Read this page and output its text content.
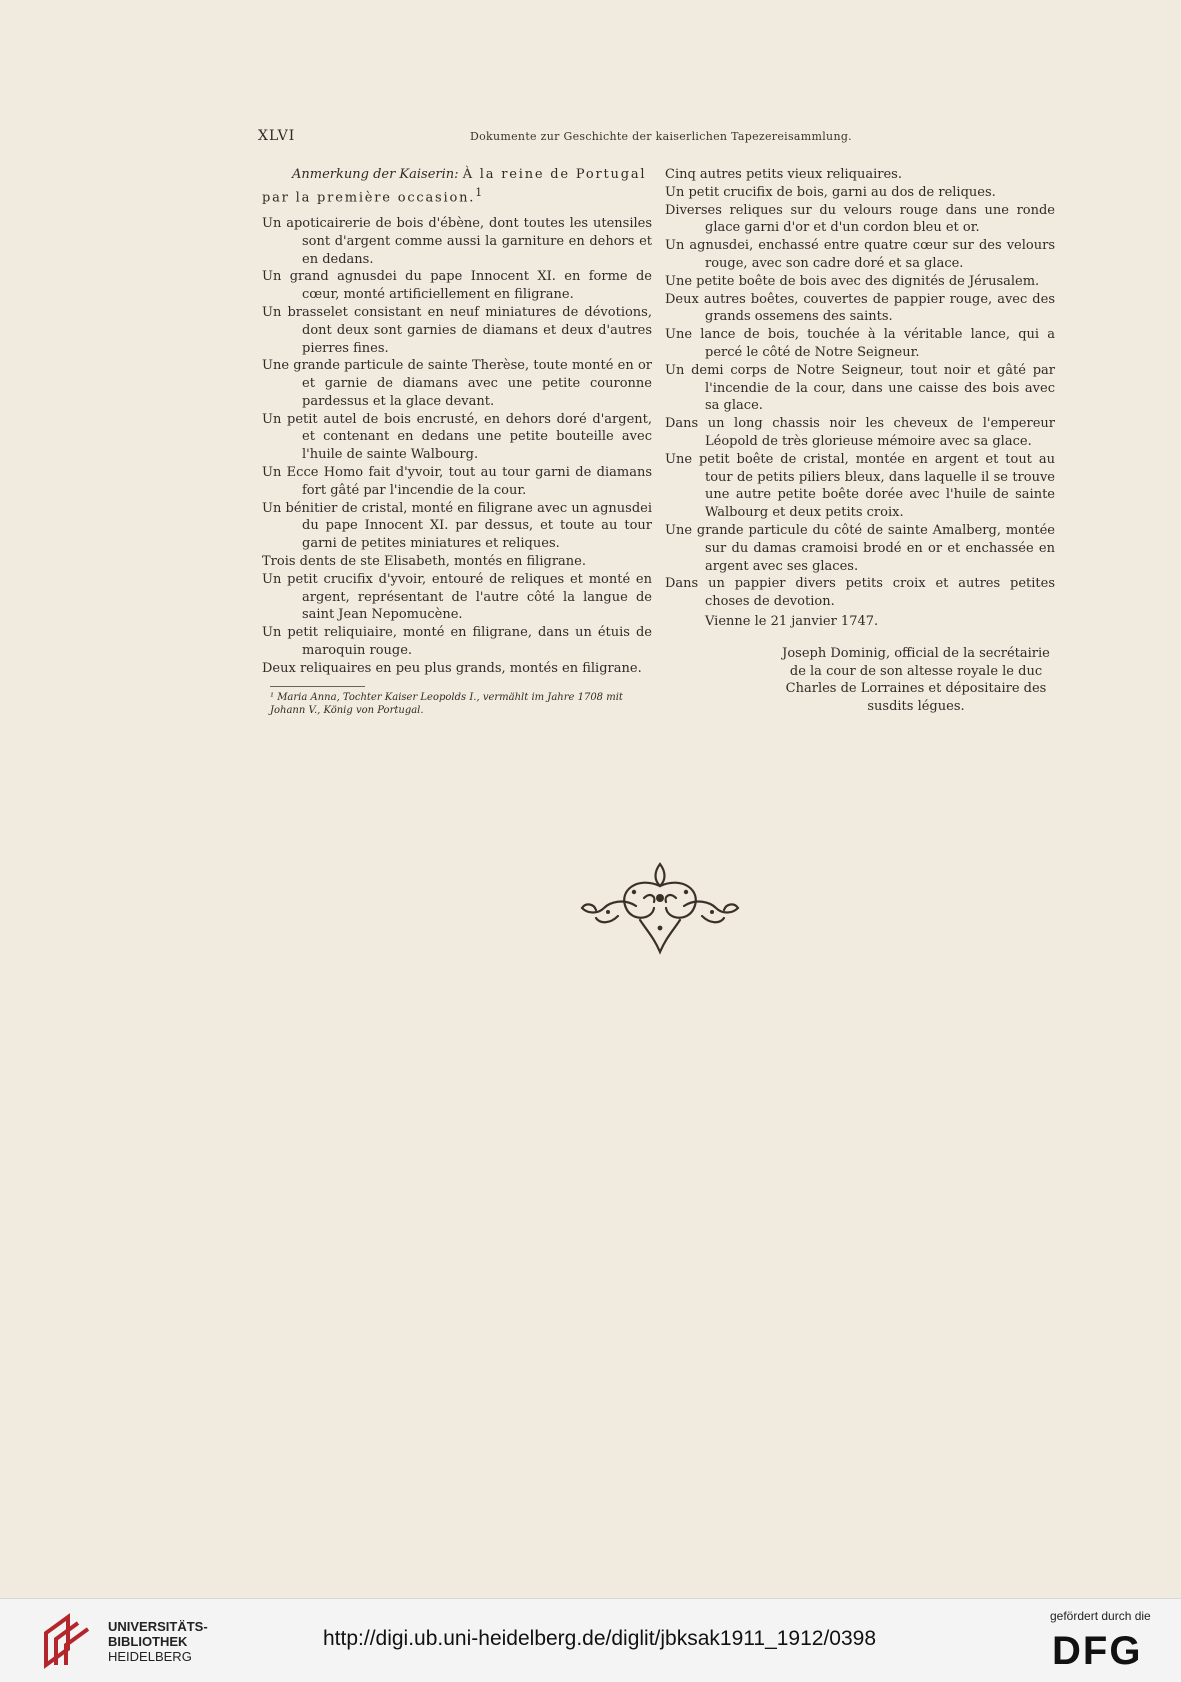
XLVI	Dokumente zur Geschichte der kaiserlichen Tapezereisammlung.

Anmerkung der Kaiserin: À la reine de Portugal par la première occasion.$^1$

Un apoticairerie de bois d'ébène, dont toutes les utensiles sont d'argent comme aussi la garniture en dehors et en dedans.

Un grand agnusdei du pape Innocent XI. en forme de cœur, monté artificiellement en filigrane.

Un brasselet consistant en neuf miniatures de dévotions, dont deux sont garnies de diamans et deux d'autres pierres fines.

Une grande particule de sainte Therèse, toute monté en or et garnie de diamans avec une petite couronne pardessus et la glace devant.

Un petit autel de bois encrusté, en dehors doré d'argent, et contenant en dedans une petite bouteille avec l'huile de sainte Walbourg.

Un Ecce Homo fait d'yvoir, tout au tour garni de diamans fort gâté par l'incendie de la cour.

Un bénitier de cristal, monté en filigrane avec un agnusdei du pape Innocent XI. par dessus, et toute au tour garni de petites miniatures et reliques.

Trois dents de ste Elisabeth, montés en filigrane.

Un petit crucifix d'yvoir, entouré de reliques et monté en argent, représentant de l'autre côté la langue de saint Jean Nepomucène.

Un petit reliquiaire, monté en filigrane, dans un étuis de maroquin rouge.

Deux reliquaires en peu plus grands, montés en filigrane.

¹ Maria Anna, Tochter Kaiser Leopolds I., vermählt im Jahre 1708 mit Johann V., König von Portugal.

Cinq autres petits vieux reliquaires.

Un petit crucifix de bois, garni au dos de reliques.

Diverses reliques sur du velours rouge dans une ronde glace garni d'or et d'un cordon bleu et or.

Un agnusdei, enchassé entre quatre cœur sur des velours rouge, avec son cadre doré et sa glace.

Une petite boête de bois avec des dignités de Jérusalem.

Deux autres boêtes, couvertes de pappier rouge, avec des grands ossemens des saints.

Une lance de bois, touchée à la véritable lance, qui a percé le côté de Notre Seigneur.

Un demi corps de Notre Seigneur, tout noir et gâté par l'incendie de la cour, dans une caisse des bois avec sa glace.

Dans un long chassis noir les cheveux de l'empereur Léopold de très glorieuse mémoire avec sa glace.

Une petit boête de cristal, montée en argent et tout au tour de petits piliers bleux, dans laquelle il se trouve une autre petite boête dorée avec l'huile de sainte Walbourg et deux petits croix.

Une grande particule du côté de sainte Amalberg, montée sur du damas cramoisi brodé en or et enchassée en argent avec ses glaces.

Dans un pappier divers petits croix et autres petites choses de devotion.

Vienne le 21 janvier 1747.

Joseph Dominig, official de la secrétairie de la cour de son altesse royale le duc Charles de Lorraines et dépositaire des susdits légues.

UNIVERSITÄTS-
BIBLIOTHEK
HEIDELBERG
http://digi.ub.uni-heidelberg.de/diglit/jbksak1911_1912/0398
gefördert durch die
DFG
